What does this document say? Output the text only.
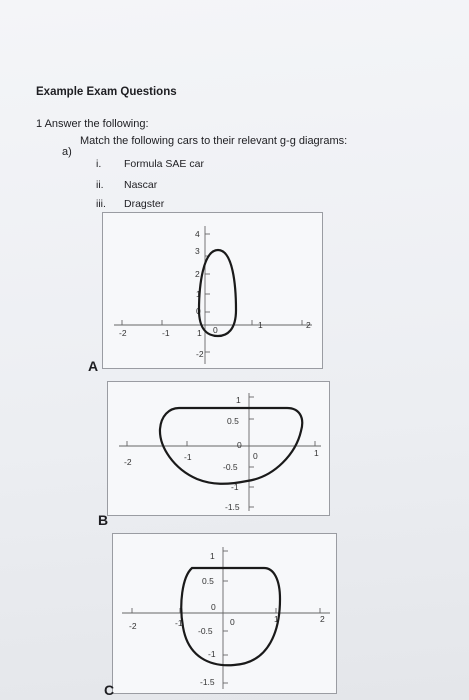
Example Exam Questions
1 Answer the following:
a)
Match the following cars to their relevant g-g diagrams:
i. Formula SAE car
ii. Nascar
iii. Dragster
-2	-1
1	2
4
3
2
1
0
-2
1 0
A
-2	-1	1
1
0.5
0
-0.5
-1
-1.5
0
B
-2	-1	1	2
1
0.5
0
-0.5
-1
-1.5
0
C
